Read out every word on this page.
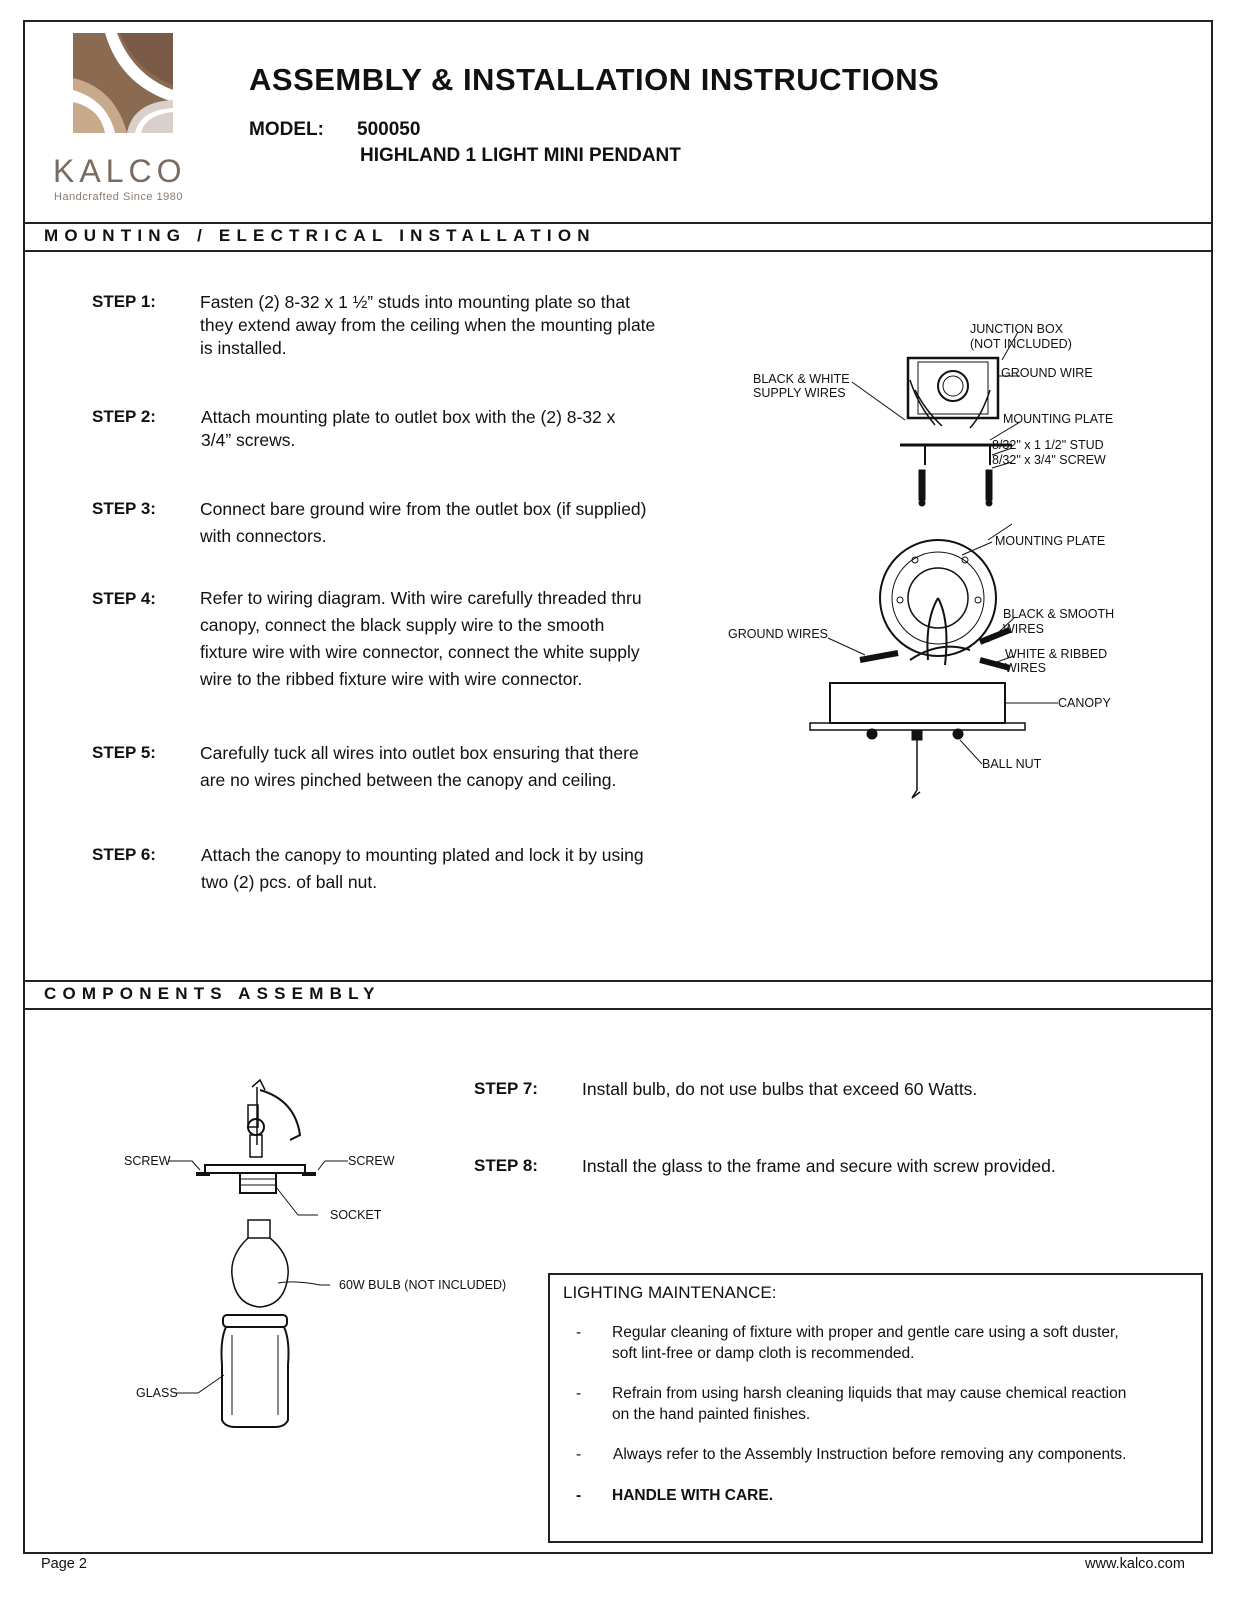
KALCO
Handcrafted Since 1980
ASSEMBLY & INSTALLATION INSTRUCTIONS
MODEL: 500050
HIGHLAND 1 LIGHT MINI PENDANT
MOUNTING / ELECTRICAL INSTALLATION
STEP 1:	Fasten (2) 8-32 x 1 ½” studs into mounting plate so that
they extend away from the ceiling when the mounting plate
is installed.
STEP 2:	Attach mounting plate to outlet box with the (2) 8-32 x
3/4” screws.
STEP 3:	Connect bare ground wire from the outlet box (if supplied)
with connectors.
STEP 4:	Refer to wiring diagram. With wire carefully threaded thru
canopy, connect the black supply wire to the smooth
fixture wire with wire connector, connect the white supply
wire to the ribbed fixture wire with wire connector.
STEP 5:	Carefully tuck all wires into outlet box ensuring that there
are no wires pinched between the canopy and ceiling.
STEP 6:	Attach the canopy to mounting plated and lock it by using
two (2) pcs. of ball nut.
JUNCTION BOX
(NOT INCLUDED)
GROUND WIRE
BLACK & WHITE
SUPPLY WIRES
MOUNTING PLATE
8/32" x 1 1/2" STUD
8/32" x 3/4" SCREW
MOUNTING PLATE
BLACK & SMOOTH
WIRES
GROUND WIRES
WHITE & RIBBED
WIRES
CANOPY
BALL NUT
COMPONENTS ASSEMBLY
SCREW	SCREW
SOCKET
60W BULB (NOT INCLUDED)
GLASS
STEP 7:	Install bulb, do not use bulbs that exceed 60 Watts.
STEP 8:	Install the glass to the frame and secure with screw provided.
LIGHTING MAINTENANCE:
- Regular cleaning of fixture with proper and gentle care using a soft duster,
soft lint-free or damp cloth is recommended.
- Refrain from using harsh cleaning liquids that may cause chemical reaction
on the hand painted finishes.
- Always refer to the Assembly Instruction before removing any components.
- HANDLE WITH CARE.
Page 2	www.kalco.com
